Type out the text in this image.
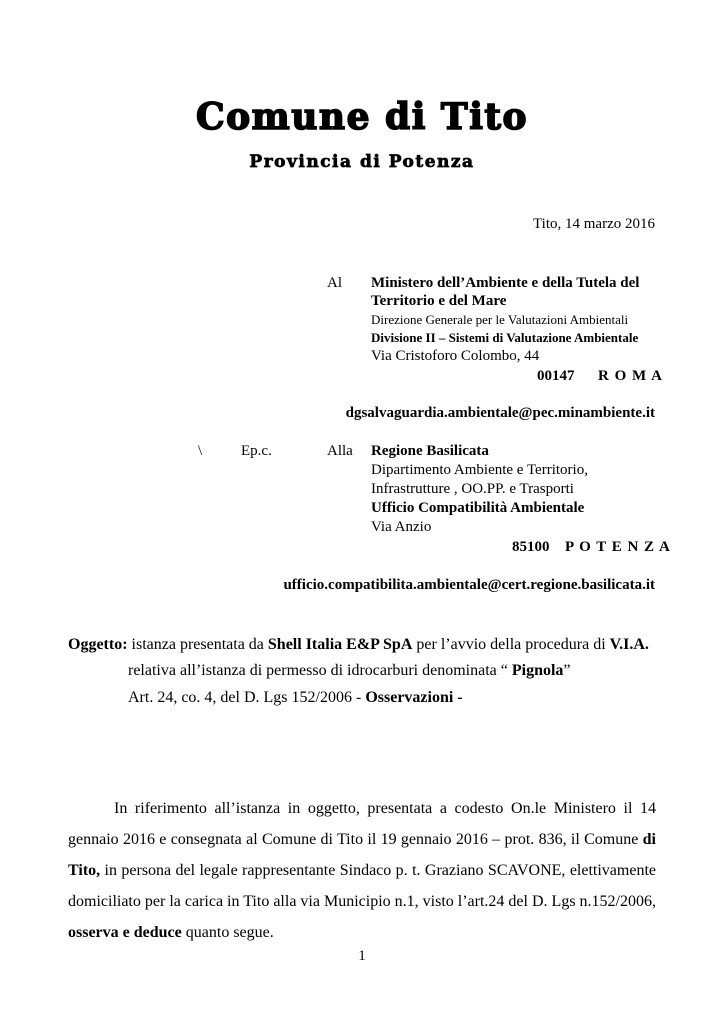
Comune di Tito
Provincia di Potenza
Tito, 14 marzo 2016
Al Ministero dell’Ambiente e della Tutela del
Territorio e del Mare
Direzione Generale per le Valutazioni Ambientali
Divisione II – Sistemi di Valutazione Ambientale
Via Cristoforo Colombo, 44
00147 R O M A
dgsalvaguardia.ambientale@pec.minambiente.it
\	Ep.c.	Alla Regione Basilicata
Dipartimento Ambiente e Territorio,
Infrastrutture , OO.PP. e Trasporti
Ufficio Compatibilità Ambientale
Via Anzio
85100 P O T E N Z A
ufficio.compatibilita.ambientale@cert.regione.basilicata.it
Oggetto: istanza presentata da Shell Italia E&P SpA per l’avvio della procedura di V.I.A.
relativa all’istanza di permesso di idrocarburi denominata “ Pignola”
Art. 24, co. 4, del D. Lgs 152/2006 - Osservazioni -
In riferimento all’istanza in oggetto, presentata a codesto On.le Ministero il 14 gennaio 2016 e consegnata al Comune di Tito il 19 gennaio 2016 – prot. 836, il Comune di Tito, in persona del legale rappresentante Sindaco p. t. Graziano SCAVONE, elettivamente domiciliato per la carica in Tito alla via Municipio n.1, visto l’art.24 del D. Lgs n.152/2006, osserva e deduce quanto segue.
1
